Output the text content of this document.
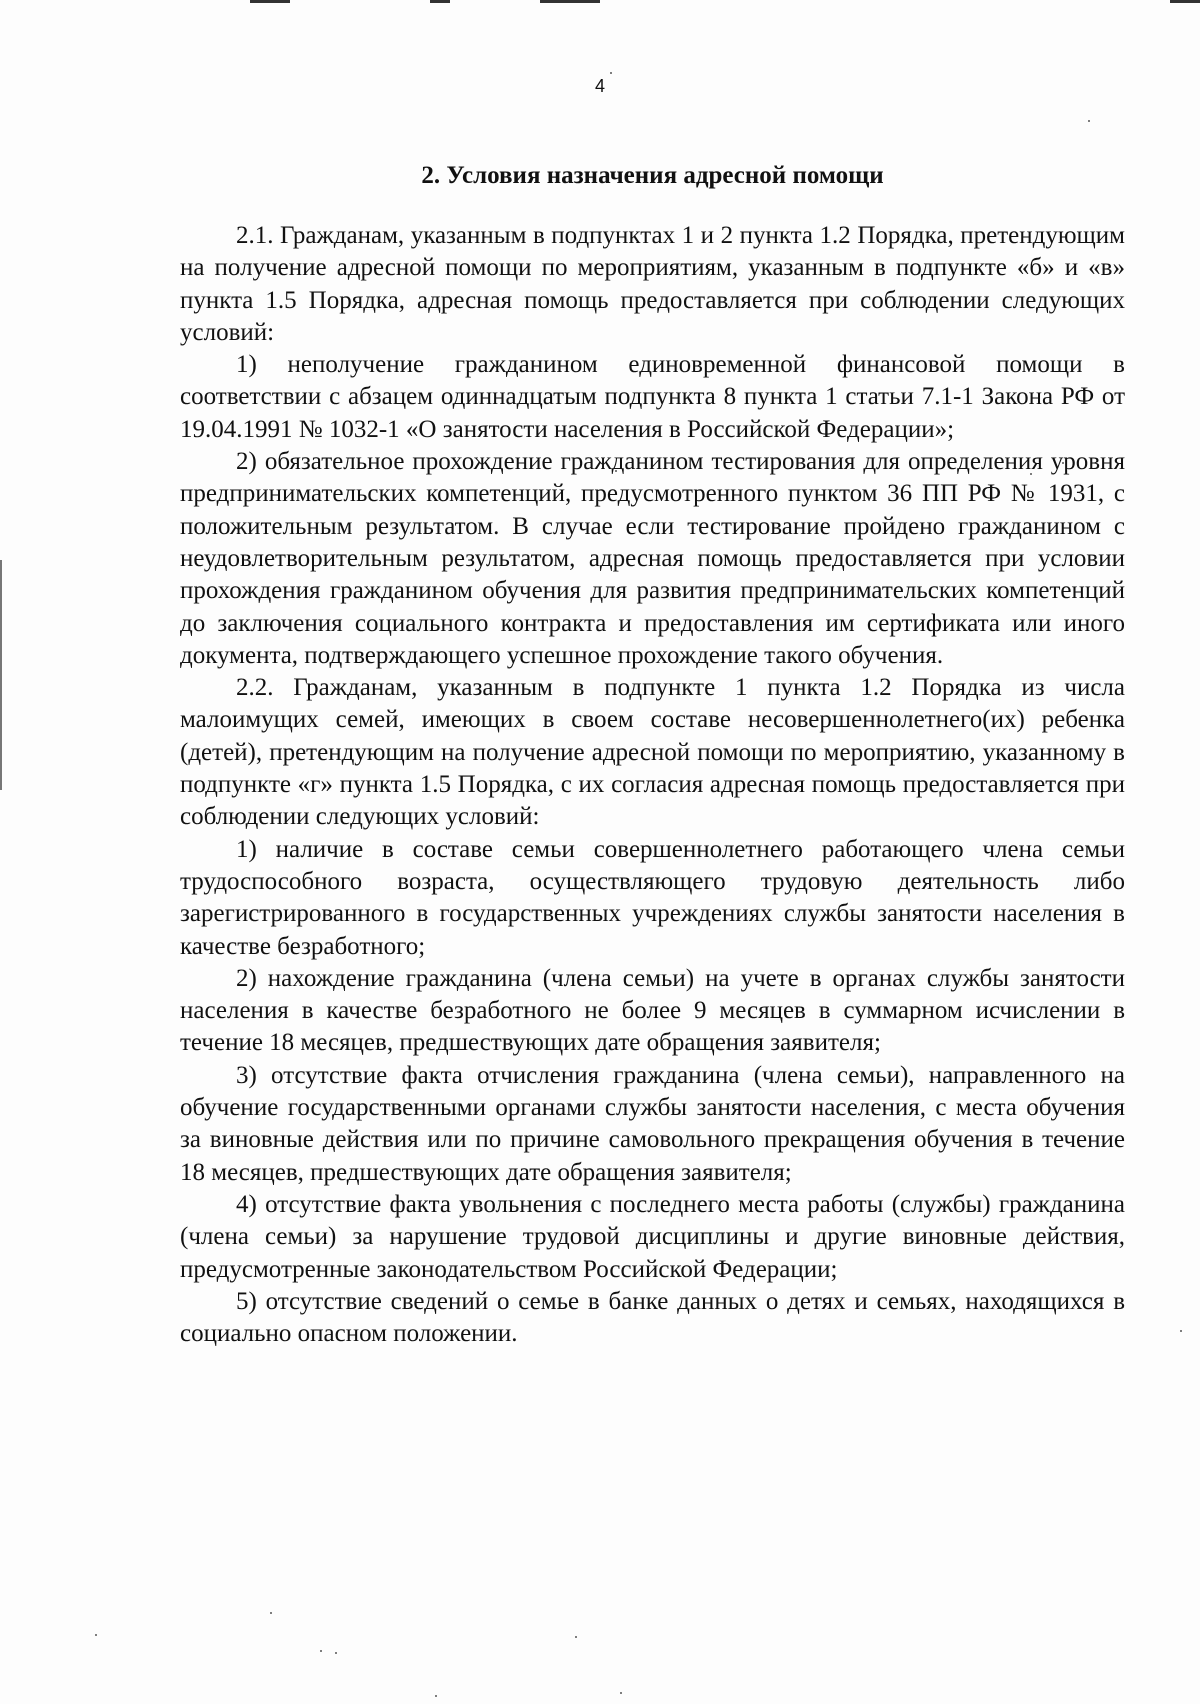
4
2. Условия назначения адресной помощи

2.1. Гражданам, указанным в подпунктах 1 и 2 пункта 1.2 Порядка, претендующим на получение адресной помощи по мероприятиям, указанным в подпункте «б» и «в» пункта 1.5 Порядка, адресная помощь предоставляется при соблюдении следующих условий:

1) неполучение гражданином единовременной финансовой помощи в соответствии с абзацем одиннадцатым подпункта 8 пункта 1 статьи 7.1-1 Закона РФ от 19.04.1991 № 1032-1 «О занятости населения в Российской Федерации»;

2) обязательное прохождение гражданином тестирования для определения уровня предпринимательских компетенций, предусмотренного пунктом 36 ПП РФ № 1931, с положительным результатом. В случае если тестирование пройдено гражданином с неудовлетворительным результатом, адресная помощь предоставляется при условии прохождения гражданином обучения для развития предпринимательских компетенций до заключения социального контракта и предоставления им сертификата или иного документа, подтверждающего успешное прохождение такого обучения.

2.2. Гражданам, указанным в подпункте 1 пункта 1.2 Порядка из числа малоимущих семей, имеющих в своем составе несовершеннолетнего(их) ребенка (детей), претендующим на получение адресной помощи по мероприятию, указанному в подпункте «г» пункта 1.5 Порядка, с их согласия адресная помощь предоставляется при соблюдении следующих условий:

1) наличие в составе семьи совершеннолетнего работающего члена семьи трудоспособного возраста, осуществляющего трудовую деятельность либо зарегистрированного в государственных учреждениях службы занятости населения в качестве безработного;

2) нахождение гражданина (члена семьи) на учете в органах службы занятости населения в качестве безработного не более 9 месяцев в суммарном исчислении в течение 18 месяцев, предшествующих дате обращения заявителя;

3) отсутствие факта отчисления гражданина (члена семьи), направленного на обучение государственными органами службы занятости населения, с места обучения за виновные действия или по причине самовольного прекращения обучения в течение 18 месяцев, предшествующих дате обращения заявителя;

4) отсутствие факта увольнения с последнего места работы (службы) гражданина (члена семьи) за нарушение трудовой дисциплины и другие виновные действия, предусмотренные законодательством Российской Федерации;

5) отсутствие сведений о семье в банке данных о детях и семьях, находящихся в социально опасном положении.
